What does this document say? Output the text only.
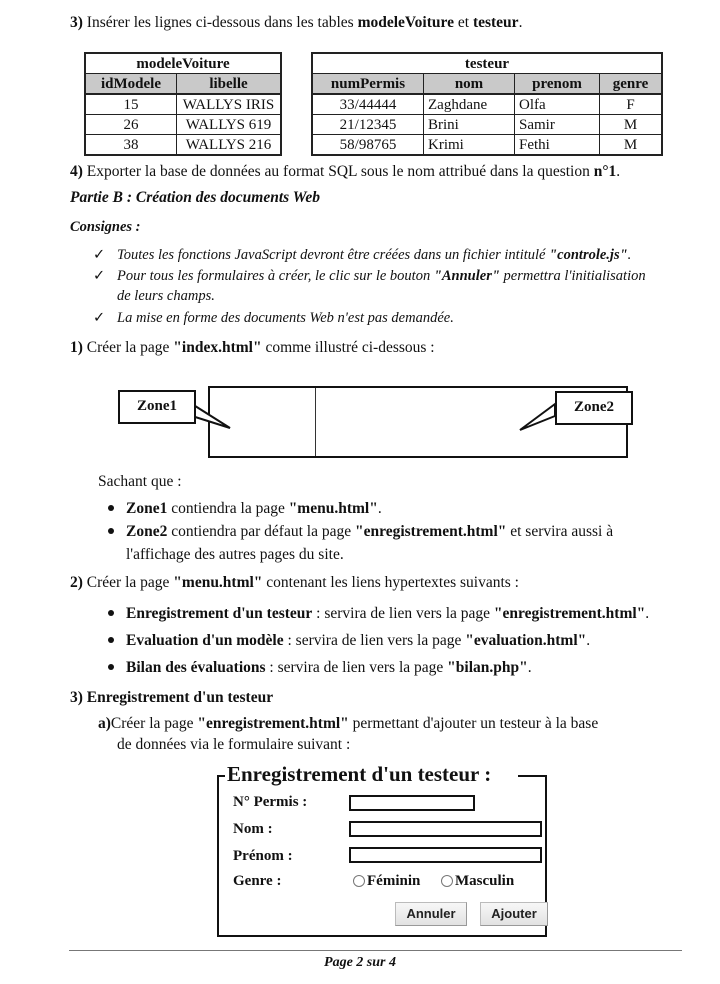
3) Insérer les lignes ci-dessous dans les tables modeleVoiture et testeur.
modeleVoiture	
idModele	libelle
15	WALLYS IRIS
26	WALLYS 619
38	WALLYS 216
testeur			
numPermis	nom	prenom	genre
33/44444	Zaghdane	Olfa	F
21/12345	Brini	Samir	M
58/98765	Krimi	Fethi	M
4) Exporter la base de données au format SQL sous le nom attribué dans la question n°1.
Partie B : Création des documents Web
Consignes :
✓ Toutes les fonctions JavaScript devront être créées dans un fichier intitulé "controle.js".
✓ Pour tous les formulaires à créer, le clic sur le bouton "Annuler" permettra l'initialisation
de leurs champs.
✓ La mise en forme des documents Web n'est pas demandée.
1) Créer la page "index.html" comme illustré ci-dessous :
Zone1	Zone2
Sachant que :
Zone1 contiendra la page "menu.html".
Zone2 contiendra par défaut la page "enregistrement.html" et servira aussi à
l'affichage des autres pages du site.
2) Créer la page "menu.html" contenant les liens hypertextes suivants :
Enregistrement d'un testeur : servira de lien vers la page "enregistrement.html".
Evaluation d'un modèle : servira de lien vers la page "evaluation.html".
Bilan des évaluations : servira de lien vers la page "bilan.php".
3) Enregistrement d'un testeur
a)Créer la page "enregistrement.html" permettant d'ajouter un testeur à la base
de données via le formulaire suivant :
Enregistrement d'un testeur :
N° Permis :
Nom :
Prénom :
Genre :	Féminin	Masculin
Annuler	Ajouter
Page 2 sur 4
